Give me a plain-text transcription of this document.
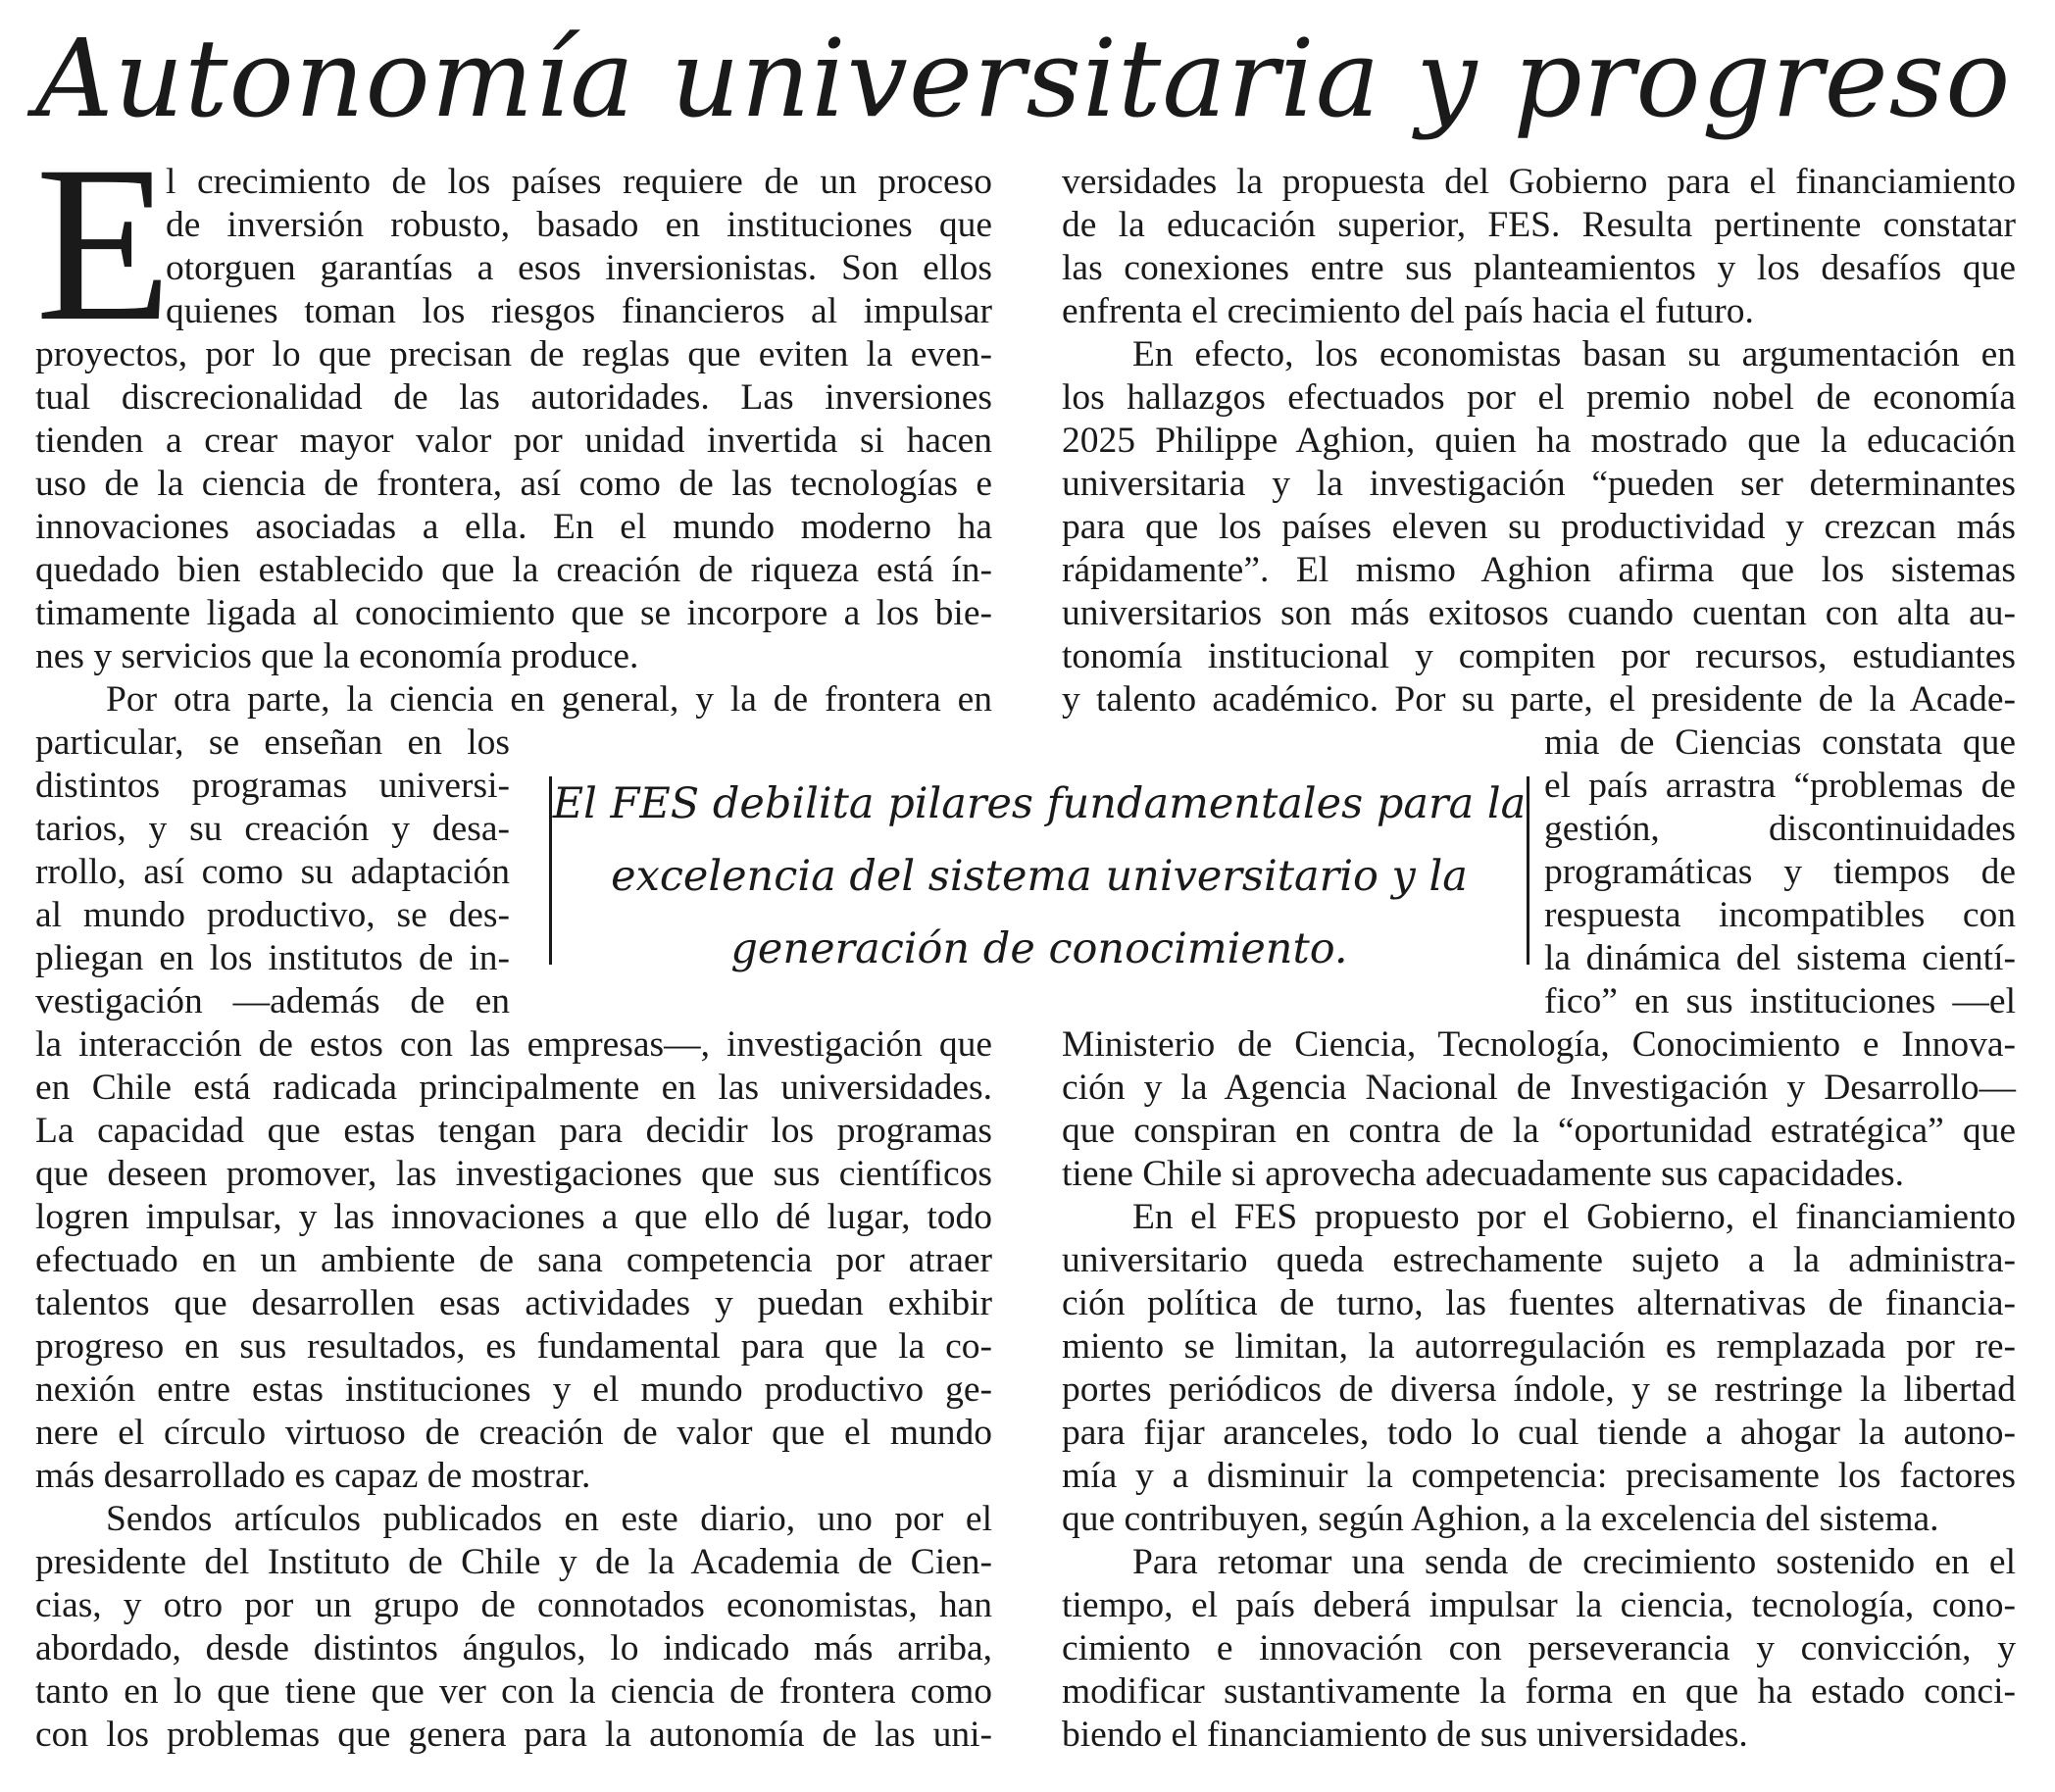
Autonomía universitaria y progreso
E
l crecimiento de los países requiere de un proceso
de inversión robusto, basado en instituciones que
otorguen garantías a esos inversionistas. Son ellos
quienes toman los riesgos financieros al impulsar
proyectos, por lo que precisan de reglas que eviten la even-
tual discrecionalidad de las autoridades. Las inversiones
tienden a crear mayor valor por unidad invertida si hacen
uso de la ciencia de frontera, así como de las tecnologías e
innovaciones asociadas a ella. En el mundo moderno ha
quedado bien establecido que la creación de riqueza está ín-
timamente ligada al conocimiento que se incorpore a los bie-
nes y servicios que la economía produce.
Por otra parte, la ciencia en general, y la de frontera en
particular, se enseñan en los
distintos programas universi-
tarios, y su creación y desa-
rrollo, así como su adaptación
al mundo productivo, se des-
pliegan en los institutos de in-
vestigación —además de en
la interacción de estos con las empresas—, investigación que
en Chile está radicada principalmente en las universidades.
La capacidad que estas tengan para decidir los programas
que deseen promover, las investigaciones que sus científicos
logren impulsar, y las innovaciones a que ello dé lugar, todo
efectuado en un ambiente de sana competencia por atraer
talentos que desarrollen esas actividades y puedan exhibir
progreso en sus resultados, es fundamental para que la co-
nexión entre estas instituciones y el mundo productivo ge-
nere el círculo virtuoso de creación de valor que el mundo
más desarrollado es capaz de mostrar.
Sendos artículos publicados en este diario, uno por el
presidente del Instituto de Chile y de la Academia de Cien-
cias, y otro por un grupo de connotados economistas, han
abordado, desde distintos ángulos, lo indicado más arriba,
tanto en lo que tiene que ver con la ciencia de frontera como
con los problemas que genera para la autonomía de las uni-
versidades la propuesta del Gobierno para el financiamiento
de la educación superior, FES. Resulta pertinente constatar
las conexiones entre sus planteamientos y los desafíos que
enfrenta el crecimiento del país hacia el futuro.
En efecto, los economistas basan su argumentación en
los hallazgos efectuados por el premio nobel de economía
2025 Philippe Aghion, quien ha mostrado que la educación
universitaria y la investigación “pueden ser determinantes
para que los países eleven su productividad y crezcan más
rápidamente”. El mismo Aghion afirma que los sistemas
universitarios son más exitosos cuando cuentan con alta au-
tonomía institucional y compiten por recursos, estudiantes
y talento académico. Por su parte, el presidente de la Acade-
mia de Ciencias constata que
el país arrastra “problemas de
gestión, discontinuidades
programáticas y tiempos de
respuesta incompatibles con
la dinámica del sistema cientí-
fico” en sus instituciones —el
Ministerio de Ciencia, Tecnología, Conocimiento e Innova-
ción y la Agencia Nacional de Investigación y Desarrollo—
que conspiran en contra de la “oportunidad estratégica” que
tiene Chile si aprovecha adecuadamente sus capacidades.
En el FES propuesto por el Gobierno, el financiamiento
universitario queda estrechamente sujeto a la administra-
ción política de turno, las fuentes alternativas de financia-
miento se limitan, la autorregulación es remplazada por re-
portes periódicos de diversa índole, y se restringe la libertad
para fijar aranceles, todo lo cual tiende a ahogar la autono-
mía y a disminuir la competencia: precisamente los factores
que contribuyen, según Aghion, a la excelencia del sistema.
Para retomar una senda de crecimiento sostenido en el
tiempo, el país deberá impulsar la ciencia, tecnología, cono-
cimiento e innovación con perseverancia y convicción, y
modificar sustantivamente la forma en que ha estado conci-
biendo el financiamiento de sus universidades.
El FES debilita pilares fundamentales para la
excelencia del sistema universitario y la
generación de conocimiento.
